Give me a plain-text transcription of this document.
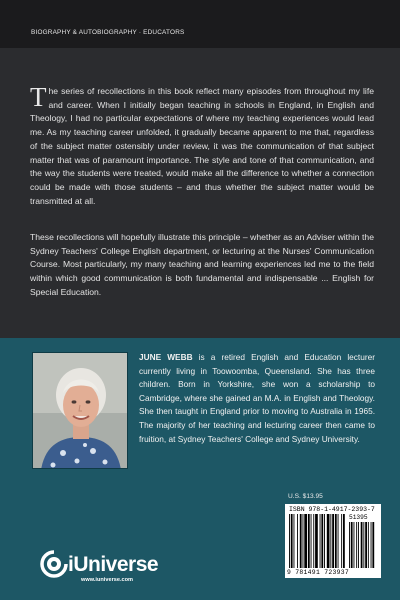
BIOGRAPHY & AUTOBIOGRAPHY · EDUCATORS
The series of recollections in this book reflect many episodes from throughout my life and career. When I initially began teaching in schools in England, in English and Theology, I had no particular expectations of where my teaching experiences would lead me. As my teaching career unfolded, it gradually became apparent to me that, regardless of the subject matter ostensibly under review, it was the communication of that subject matter that was of paramount importance. The style and tone of that communication, and the way the students were treated, would make all the difference to whether a connection could be made with those students – and thus whether the subject matter would be transmitted at all.
These recollections will hopefully illustrate this principle – whether as an Adviser within the Sydney Teachers' College English department, or lecturing at the Nurses' Communication Course. Most particularly, my many teaching and learning experiences led me to the field within which good communication is both fundamental and indispensable ... English for Special Education.
JUNE WEBB is a retired English and Education lecturer currently living in Toowoomba, Queensland. She has three children. Born in Yorkshire, she won a scholarship to Cambridge, where she gained an M.A. in English and Theology. She then taught in England prior to moving to Australia in 1965. The majority of her teaching and lecturing career then came to fruition, at Sydney Teachers' College and Sydney University.
U.S. $13.95
ISBN 978-1-4917-2393-7
51395
9 781491 723937
iUniverse
www.iuniverse.com
